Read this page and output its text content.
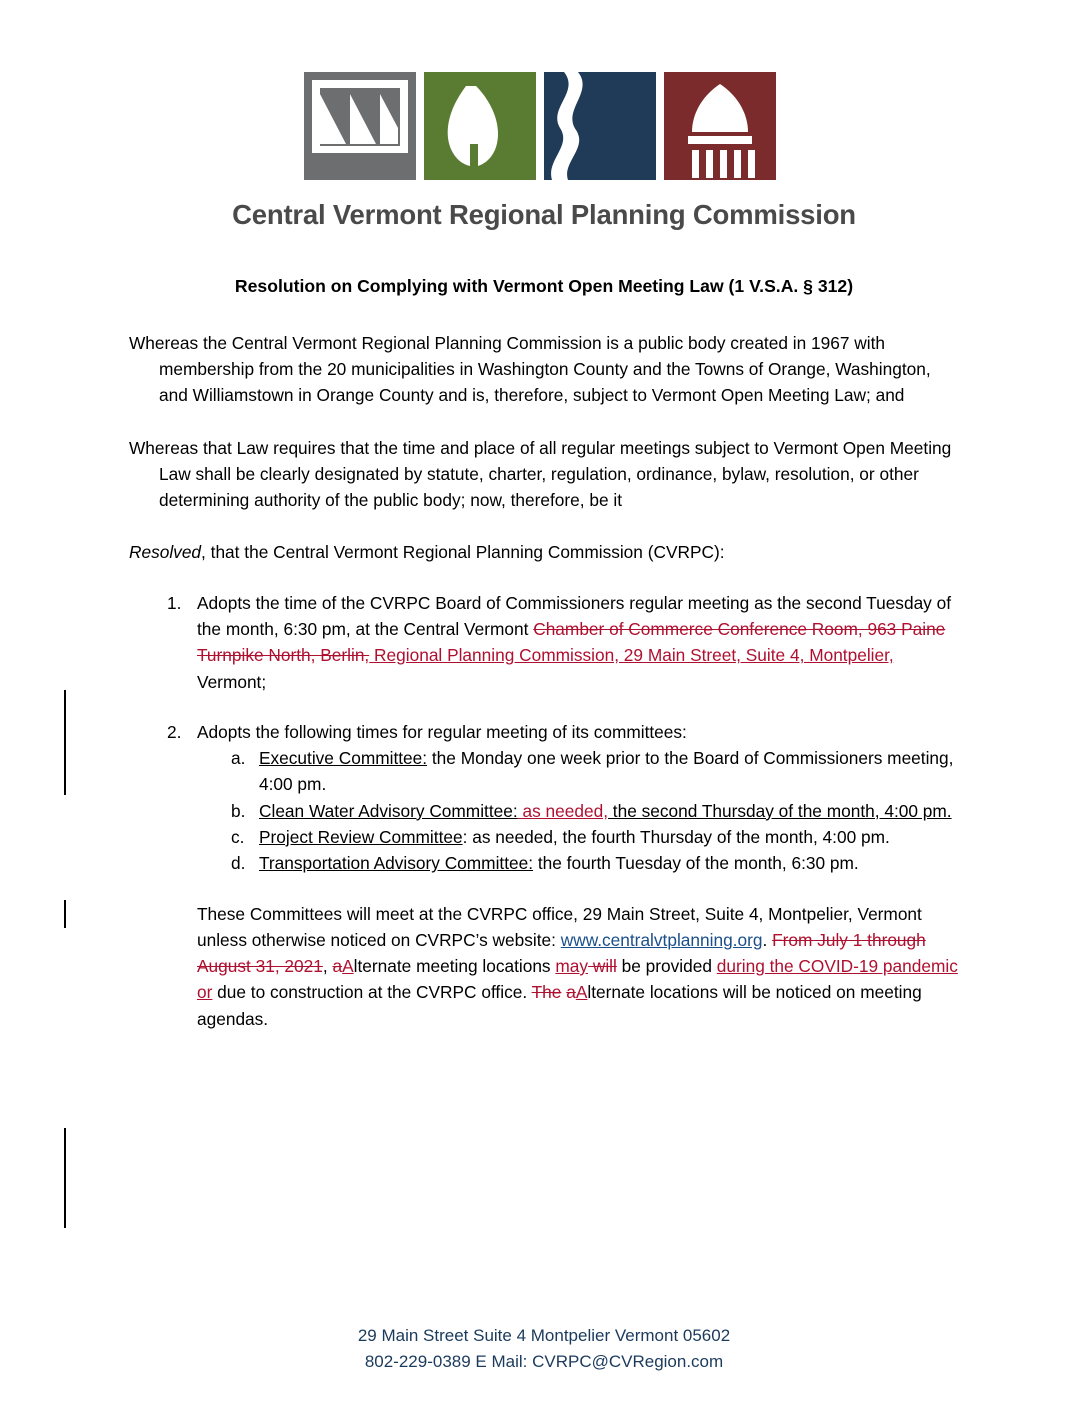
Central Vermont Regional Planning Commission
Resolution on Complying with Vermont Open Meeting Law (1 V.S.A. § 312)

Whereas the Central Vermont Regional Planning Commission is a public body created in 1967 with membership from the 20 municipalities in Washington County and the Towns of Orange, Washington, and Williamstown in Orange County and is, therefore, subject to Vermont Open Meeting Law; and

Whereas that Law requires that the time and place of all regular meetings subject to Vermont Open Meeting Law shall be clearly designated by statute, charter, regulation, ordinance, bylaw, resolution, or other determining authority of the public body; now, therefore, be it

Resolved, that the Central Vermont Regional Planning Commission (CVRPC):

1. Adopts the time of the CVRPC Board of Commissioners regular meeting as the second Tuesday of the month, 6:30 pm, at the Central Vermont Chamber of Commerce Conference Room, 963 Paine Turnpike North, Berlin, Regional Planning Commission, 29 Main Street, Suite 4, Montpelier, Vermont;
2. Adopts the following times for regular meeting of its committees:
a. Executive Committee: the Monday one week prior to the Board of Commissioners meeting, 4:00 pm.
b. Clean Water Advisory Committee: as needed, the second Thursday of the month, 4:00 pm.
c. Project Review Committee: as needed, the fourth Thursday of the month, 4:00 pm.
d. Transportation Advisory Committee: the fourth Tuesday of the month, 6:30 pm.

These Committees will meet at the CVRPC office, 29 Main Street, Suite 4, Montpelier, Vermont unless otherwise noticed on CVRPC’s website: www.centralvtplanning.org. From July 1 through August 31, 2021, aAlternate meeting locations may will be provided during the COVID-19 pandemic or due to construction at the CVRPC office. The aAlternate locations will be noticed on meeting agendas.

29 Main Street Suite 4 Montpelier Vermont 05602
802-229-0389 E Mail: CVRPC@CVRegion.com
